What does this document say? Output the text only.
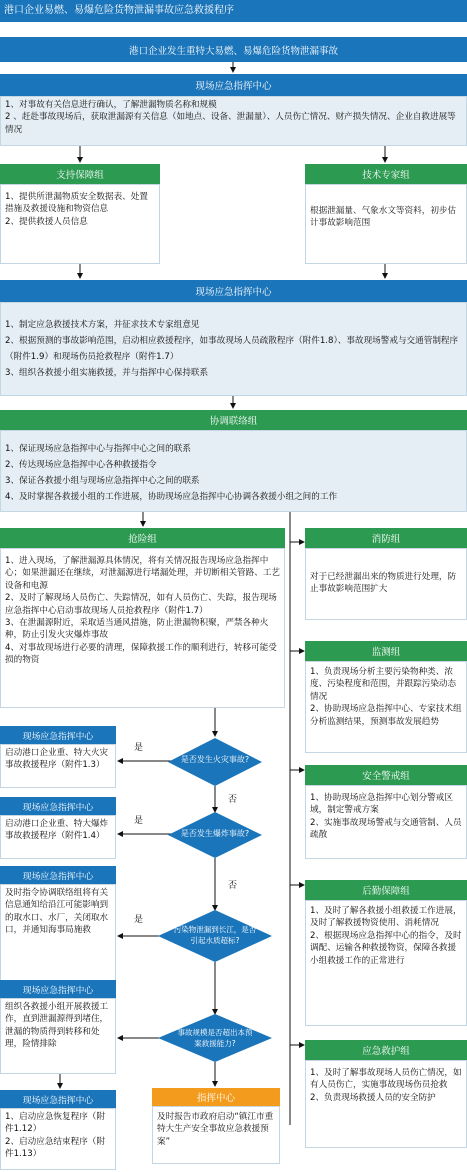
港口企业易燃、易爆危险货物泄漏事故应急救援程序
港口企业发生重特大易燃、易爆危险货物泄漏事故
现场应急指挥中心
1、对事故有关信息进行确认，了解泄漏物质名称和规模
2 、赶赴事故现场后，获取泄漏源有关信息（如地点、设备、泄漏量）、人员伤亡情况、财产损失情况、企业自救进展等情况
支持保障组
1、提供所泄漏物质安全数据表、处置措施及救援设施和物资信息
2、提供救援人员信息
技术专家组
根据泄漏量、气象水文等资料，初步估计事故影响范围
现场应急指挥中心
1、制定应急救援技术方案，并征求技术专家组意见
2、根据预测的事故影响范围，启动相应救援程序，如事故现场人员疏散程序（附件1.8）、事故现场警戒与交通管制程序（附件1.9）和现场伤员抢救程序（附件1.7）
3、组织各救援小组实施救援，并与指挥中心保持联系
协调联络组
1、保证现场应急指挥中心与指挥中心之间的联系
2、传达现场应急指挥中心各种救援指令
3、保证各救援小组与现场应急指挥中心之间的联系
4、及时掌握各救援小组的工作进展，协助现场应急指挥中心协调各救援小组之间的工作
抢险组
1、进入现场，了解泄漏源具体情况，将有关情况报告现场应急指挥中心；如果泄漏还在继续，对泄漏源进行堵漏处理，并切断相关管路、工艺设备和电源
2、及时了解现场人员伤亡、失踪情况，如有人员伤亡、失踪，报告现场应急指挥中心启动事故现场人员抢救程序（附件1.7）
3、在泄漏源附近，采取适当通风措施，防止泄漏物积聚，严禁各种火种，防止引发火灾爆炸事故
4、对事故现场进行必要的清理，保障救援工作的顺利进行，转移可能受损的物资
消防组
对于已经泄漏出来的物质进行处理，防止事故影响范围扩大
监测组
1、负责现场分析主要污染物种类、浓度、污染程度和范围，并跟踪污染动态情况
2、协助现场应急指挥中心、专家技术组分析监测结果，预测事故发展趋势
安全警戒组
1、协助现场应急指挥中心划分警戒区域，制定警戒方案
2、实施事故现场警戒与交通管制、人员疏散
后勤保障组
1、及时了解各救援小组救援工作进展，及时了解救援物资使用、消耗情况
2、根据现场应急指挥中心的指令，及时调配、运输各种救援物资，保障各救援小组救援工作的正常进行
应急救护组
1、及时了解事故现场人员伤亡情况，如有人员伤亡，实施事故现场伤员抢救
2、负责现场救援人员的安全防护
是否发生火灾事故?
是否发生爆炸事故?
污染物泄漏到长江，是否引起水质超标?
事故规模是否超出本预案救援能力?
是
否
是
否
是
现场应急指挥中心
启动港口企业重、特大火灾事故救援程序（附件1.3）
现场应急指挥中心
启动港口企业重、特大爆炸事故救援程序（附件1.4）
现场应急指挥中心
及时指令协调联络组将有关信息通知给沿江可能影响到的取水口、水厂，关闭取水口，并通知海事局施救
现场应急指挥中心
组织各救援小组开展救援工作，直到泄漏源得到堵住，泄漏的物质得到转移和处理，险情排除
现场应急指挥中心
1、启动应急恢复程序（附件1.12）
2、启动应急结束程序（附件1.13）
指挥中心
及时报告市政府启动“镇江市重特大生产安全事故应急救援预案”
